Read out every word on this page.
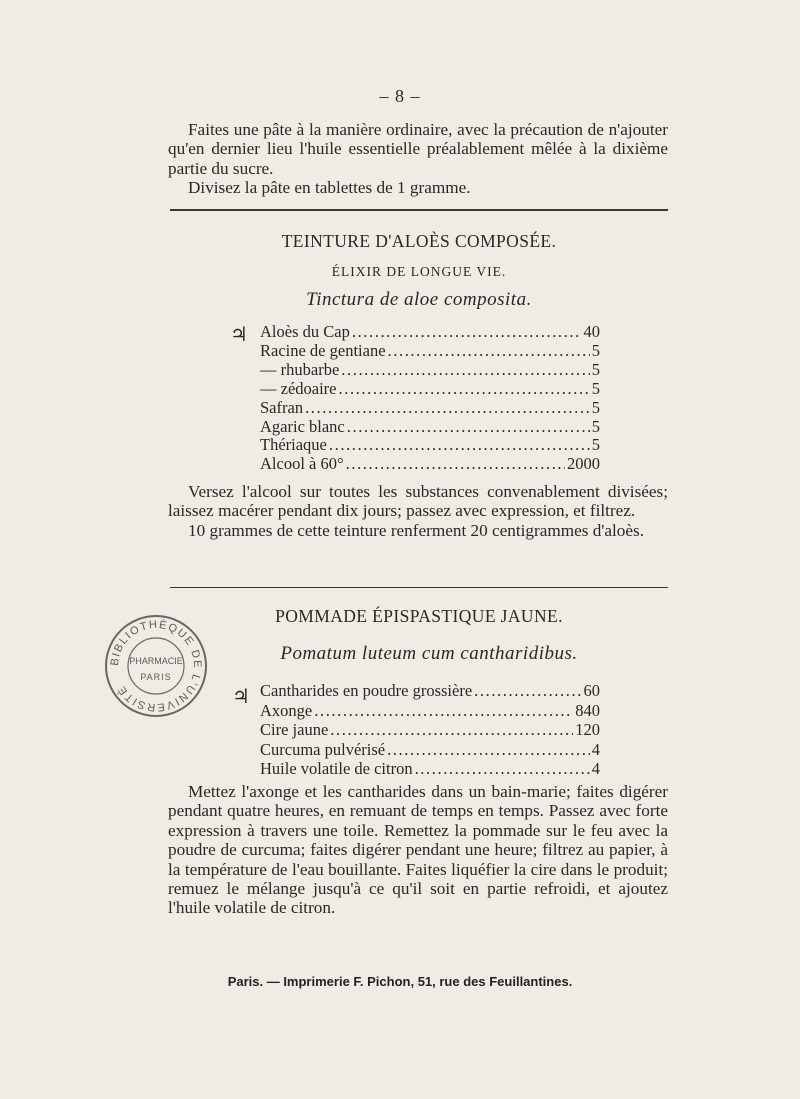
– 8 –

Faites une pâte à la manière ordinaire, avec la précaution de n'ajouter qu'en dernier lieu l'huile essentielle préalablement mêlée à la dixième partie du sucre.

Divisez la pâte en tablettes de 1 gramme.

TEINTURE D'ALOÈS COMPOSÉE.
ÉLIXIR DE LONGUE VIE.
Tinctura de aloe composita.
♃ Aloès du Cap .....	40
Racine de gentiane .....	5
— rhubarbe .....	5
— zédoaire .....	5
Safran .....	5
Agaric blanc .....	5
Thériaque .....	5
Alcool à 60° .....	2000

Versez l'alcool sur toutes les substances convenablement divisées; laissez macérer pendant dix jours; passez avec expression, et filtrez.

10 grammes de cette teinture renferment 20 centigrammes d'aloès.

POMMADE ÉPISPASTIQUE JAUNE.
Pomatum luteum cum cantharidibus.
♃ Cantharides en poudre grossière .....	60
Axonge .....	840
Cire jaune .....	120
Curcuma pulvérisé .....	4
Huile volatile de citron .....	4

Mettez l'axonge et les cantharides dans un bain-marie; faites digérer pendant quatre heures, en remuant de temps en temps. Passez avec forte expression à travers une toile. Remettez la pommade sur le feu avec la poudre de curcuma; faites digérer pendant une heure; filtrez au papier, à la température de l'eau bouillante. Faites liquéfier la cire dans le produit; remuez le mélange jusqu'à ce qu'il soit en partie refroidi, et ajoutez l'huile volatile de citron.

BIBLIOTHÈQUE DE L'UNIVERSITÉ
PHARMACIE
PARIS
Paris. — Imprimerie F. Pichon, 51, rue des Feuillantines.
